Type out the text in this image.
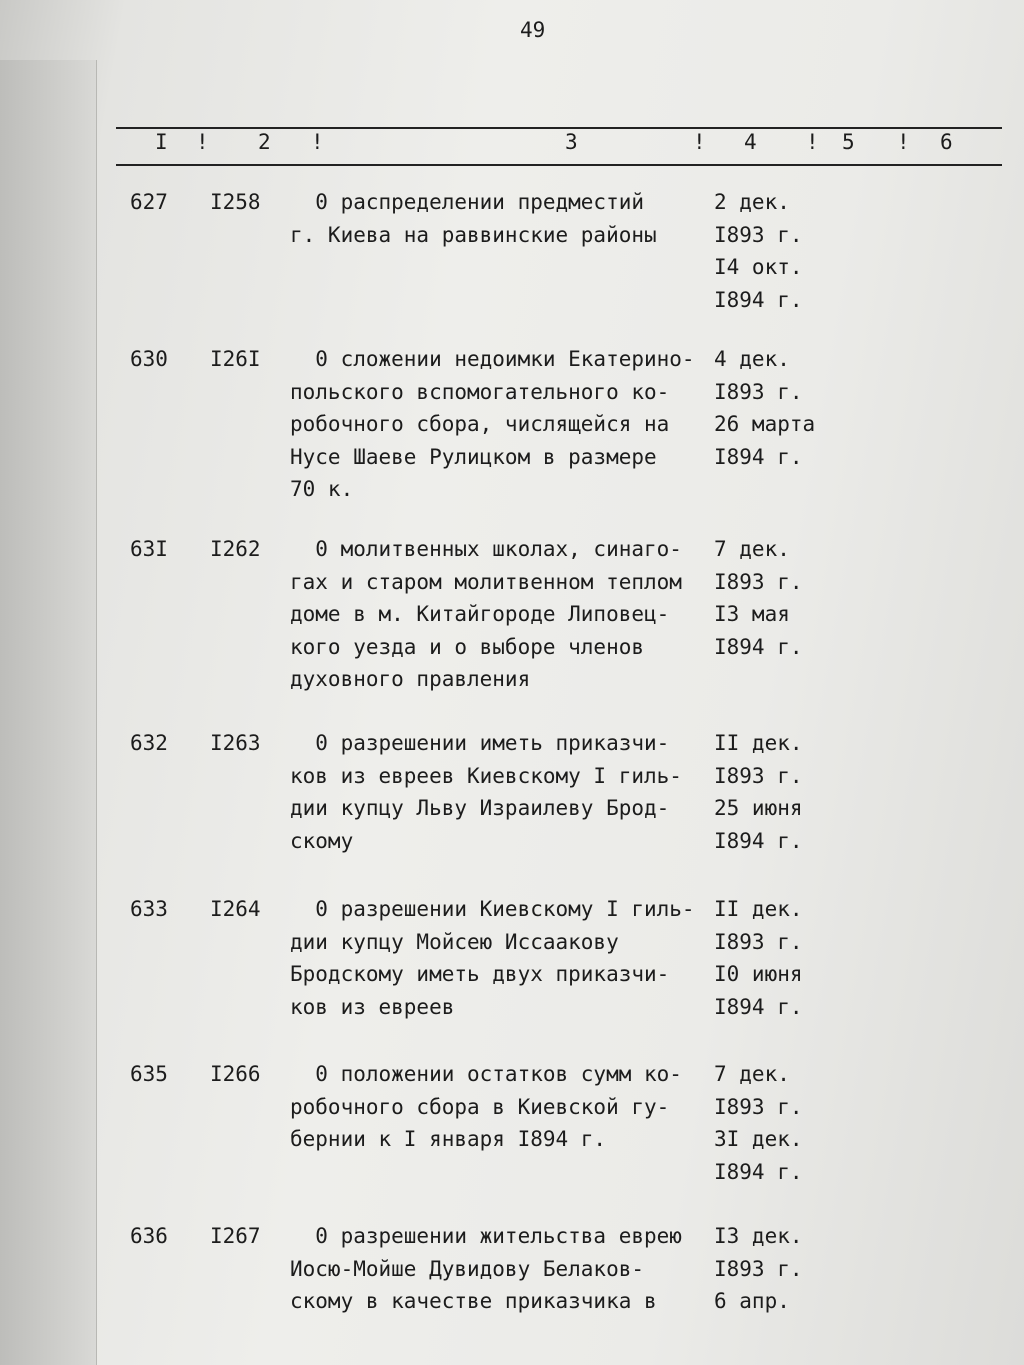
49
I ! 2 !	3	! 4 ! 5 ! 6
627 I258 0 распределении предместий
г. Киева на раввинские районы
2 дек.
I893 г.
I4 окт.
I894 г.
630 I26I 0 сложении недоимки Екатерино-
польского вспомогательного ко-
робочного сбора, числящейся на
Нусе Шаеве Рулицком в размере
70 к.
4 дек.
I893 г.
26 марта
I894 г.
63I I262 0 молитвенных школах, синаго-
гах и старом молитвенном теплом
доме в м. Китайгороде Липовец-
кого уезда и о выборе членов
духовного правления
7 дек.
I893 г.
I3 мая
I894 г.
632 I263 0 разрешении иметь приказчи-
ков из евреев Киевскому I гиль-
дии купцу Льву Израилеву Брод-
скому
II дек.
I893 г.
25 июня
I894 г.
633 I264 0 разрешении Киевскому I гиль-
дии купцу Мойсею Иссаакову
Бродскому иметь двух приказчи-
ков из евреев
II дек.
I893 г.
I0 июня
I894 г.
635 I266 0 положении остатков сумм ко-
робочного сбора в Киевской гу-
бернии к I января I894 г.
7 дек.
I893 г.
3I дек.
I894 г.
636 I267 0 разрешении жительства еврею
Иосю-Мойше Дувидову Белаков-
скому в качестве приказчика в
I3 дек.
I893 г.
6 апр.
